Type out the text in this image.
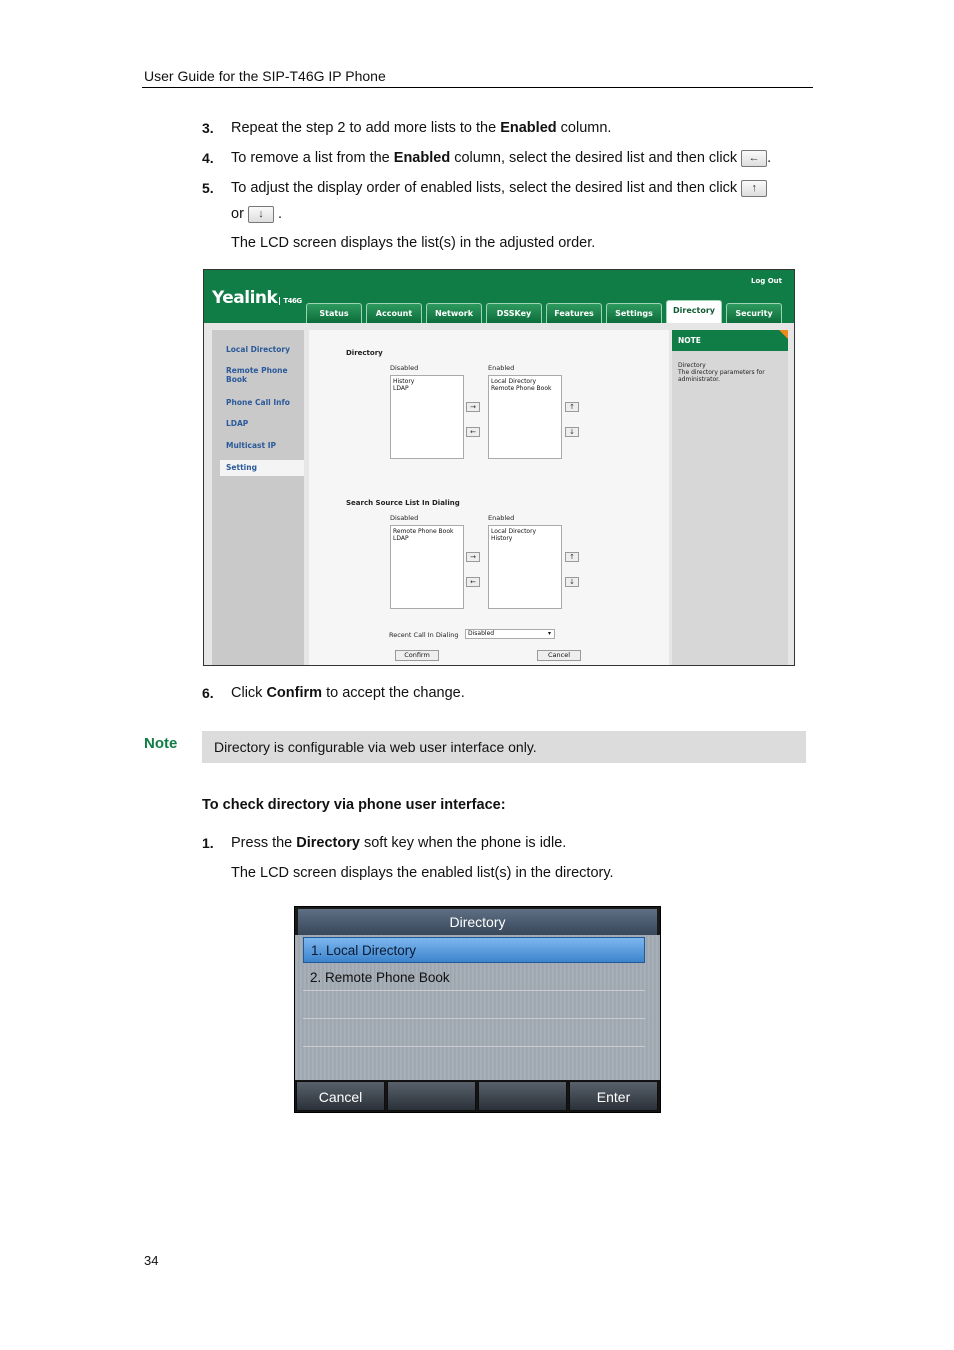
User Guide for the SIP-T46G IP Phone
3. Repeat the step 2 to add more lists to the Enabled column.
4. To remove a list from the Enabled column, select the desired list and then click ← .
5. To adjust the display order of enabled lists, select the desired list and then click ↑
or ↓ .
The LCD screen displays the list(s) in the adjusted order.
Yealink T46G
Log Out
Status	Account	Network	DSSKey	Features	Settings	Directory	Security
Local Directory
Remote Phone Book
Phone Call Info
LDAP
Multicast IP
Setting
Directory
Disabled	Enabled
History
LDAP
Local Directory
Remote Phone Book
→
←
↑
↓
Search Source List In Dialing
Disabled	Enabled
Remote Phone Book
LDAP
Local Directory
History
→
←
↑
↓
Recent Call In Dialing	Disabled	▾
Confirm	Cancel
NOTE
Directory
The directory parameters for administrator.
6. Click Confirm to accept the change.
Note	Directory is configurable via web user interface only.
To check directory via phone user interface:
1. Press the Directory soft key when the phone is idle.
The LCD screen displays the enabled list(s) in the directory.
Directory
1. Local Directory
2. Remote Phone Book
Cancel	Enter
34
